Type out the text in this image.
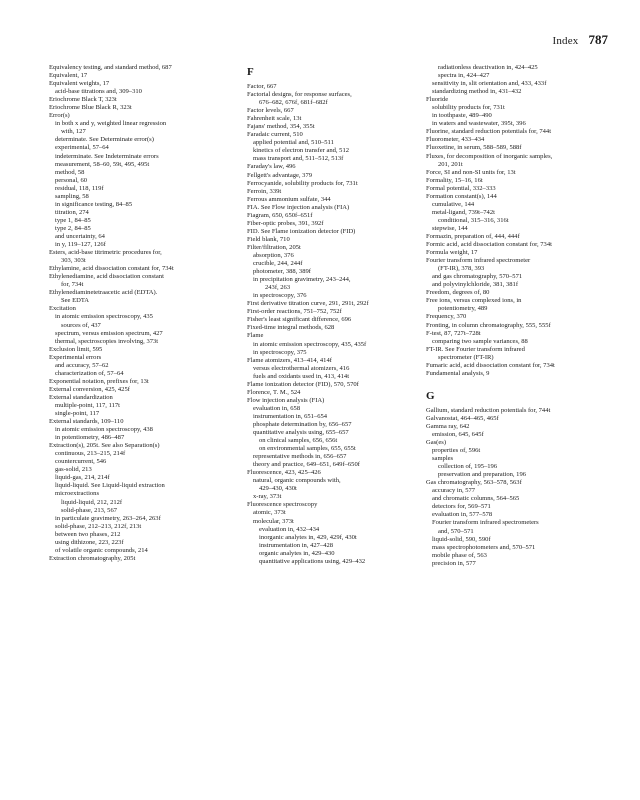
Index 787
Equivalency testing, and standard method, 687
Equivalent, 17
Equivalent weights, 17
acid-base titrations and, 309–310
Eriochrome Black T, 323t
Eriochrome Blue Black R, 323t
Error(s)
in both x and y, weighted linear regression
with, 127
determinate. See Determinate error(s)
experimental, 57–64
indeterminate. See Indeterminate errors
measurement, 58–60, 59t, 495, 495t
method, 58
personal, 60
residual, 118, 119f
sampling, 58
in significance testing, 84–85
titration, 274
type 1, 84–85
type 2, 84–85
and uncertainty, 64
in y, 119–127, 126f
Esters, acid-base titrimetric procedures for,
303, 303t
Ethylamine, acid dissociation constant for, 734t
Ethylenediamine, acid dissociation constant
for, 734t
Ethylenediaminetetraacetic acid (EDTA).
See EDTA
Excitation
in atomic emission spectroscopy, 435
sources of, 437
spectrum, versus emission spectrum, 427
thermal, spectroscopies involving, 373t
Exclusion limit, 595
Experimental errors
and accuracy, 57–62
characterization of, 57–64
Exponential notation, prefixes for, 13t
External conversion, 425, 425f
External standardization
multiple-point, 117, 117t
single-point, 117
External standards, 109–110
in atomic emission spectroscopy, 438
in potentiometry, 486–487
Extraction(s), 205t. See also Separation(s)
continuous, 213–215, 214f
countercurrent, 546
gas-solid, 213
liquid-gas, 214, 214f
liquid-liquid. See Liquid-liquid extraction
microextractions
liquid-liquid, 212, 212f
solid-phase, 213, 567
in particulate gravimetry, 263–264, 263f
solid-phase, 212–213, 212f, 213t
between two phases, 212
using dithizone, 223, 223f
of volatile organic compounds, 214
Extraction chromatography, 205t
F
Factor, 667
Factorial designs, for response surfaces,
676–682, 676f, 681f–682f
Factor levels, 667
Fahrenheit scale, 13t
Fajans' method, 354, 355t
Faradaic current, 510
applied potential and, 510–511
kinetics of electron transfer and, 512
mass transport and, 511–512, 513f
Faraday's law, 496
Fellgett's advantage, 379
Ferrocyanide, solubility products for, 731t
Ferroin, 339t
Ferrous ammonium sulfate, 344
FIA. See Flow injection analysis (FIA)
Fiagram, 650, 650f–651f
Fiber-optic probes, 391, 392f
FID. See Flame ionization detector (FID)
Field blank, 710
Filter/filtration, 205t
absorption, 376
crucible, 244, 244f
photometer, 388, 389f
in precipitation gravimetry, 243–244,
243f, 263
in spectroscopy, 376
First derivative titration curve, 291, 291t, 292f
First-order reactions, 751–752, 752f
Fisher's least significant difference, 696
Fixed-time integral methods, 628
Flame
in atomic emission spectroscopy, 435, 435f
in spectroscopy, 375
Flame atomizers, 413–414, 414f
versus electrothermal atomizers, 416
fuels and oxidants used in, 413, 414t
Flame ionization detector (FID), 570, 570f
Florence, T. M., 524
Flow injection analysis (FIA)
evaluation in, 658
instrumentation in, 651–654
phosphate determination by, 656–657
quantitative analysis using, 655–657
on clinical samples, 656, 656t
on environmental samples, 655, 655t
representative methods in, 656–657
theory and practice, 649–651, 649f–650f
Fluorescence, 423, 425–426
natural, organic compounds with,
429–430, 430t
x-ray, 373t
Fluorescence spectroscopy
atomic, 373t
molecular, 373t
evaluation in, 432–434
inorganic analytes in, 429, 429f, 430t
instrumentation in, 427–428
organic analytes in, 429–430
quantitative applications using, 429–432
radiationless deactivation in, 424–425
spectra in, 424–427
sensitivity in, slit orientation and, 433, 433f
standardizing method in, 431–432
Fluoride
solubility products for, 731t
in toothpaste, 489–490
in waters and wastewater, 395t, 396
Fluorine, standard reduction potentials for, 744t
Fluorometer, 433–434
Fluoxetine, in serum, 588–589, 588f
Fluxes, for decomposition of inorganic samples,
201, 201t
Force, SI and non-SI units for, 13t
Formality, 15–16, 16t
Formal potential, 332–333
Formation constant(s), 144
cumulative, 144
metal-ligand, 739t–742t
conditional, 315–316, 316t
stepwise, 144
Formazin, preparation of, 444, 444f
Formic acid, acid dissociation constant for, 734t
Formula weight, 17
Fourier transform infrared spectrometer
(FT-IR), 378, 393
and gas chromatography, 570–571
and polyvinylchloride, 381, 381f
Freedom, degrees of, 80
Free ions, versus complexed ions, in
potentiometry, 489
Frequency, 370
Fronting, in column chromatography, 555, 555f
F-test, 87, 727t–728t
comparing two sample variances, 88
FT-IR. See Fourier transform infrared
spectrometer (FT-IR)
Fumaric acid, acid dissociation constant for, 734t
Fundamental analysis, 9
G
Gallium, standard reduction potentials for, 744t
Galvanostat, 464–465, 465f
Gamma ray, 642
emission, 645, 645f
Gas(es)
properties of, 596t
samples
collection of, 195–196
preservation and preparation, 196
Gas chromatography, 563–578, 563f
accuracy in, 577
and chromatic columns, 564–565
detectors for, 569–571
evaluation in, 577–578
Fourier transform infrared spectrometers
and, 570–571
liquid-solid, 590, 590f
mass spectrophotometers and, 570–571
mobile phase of, 563
precision in, 577
